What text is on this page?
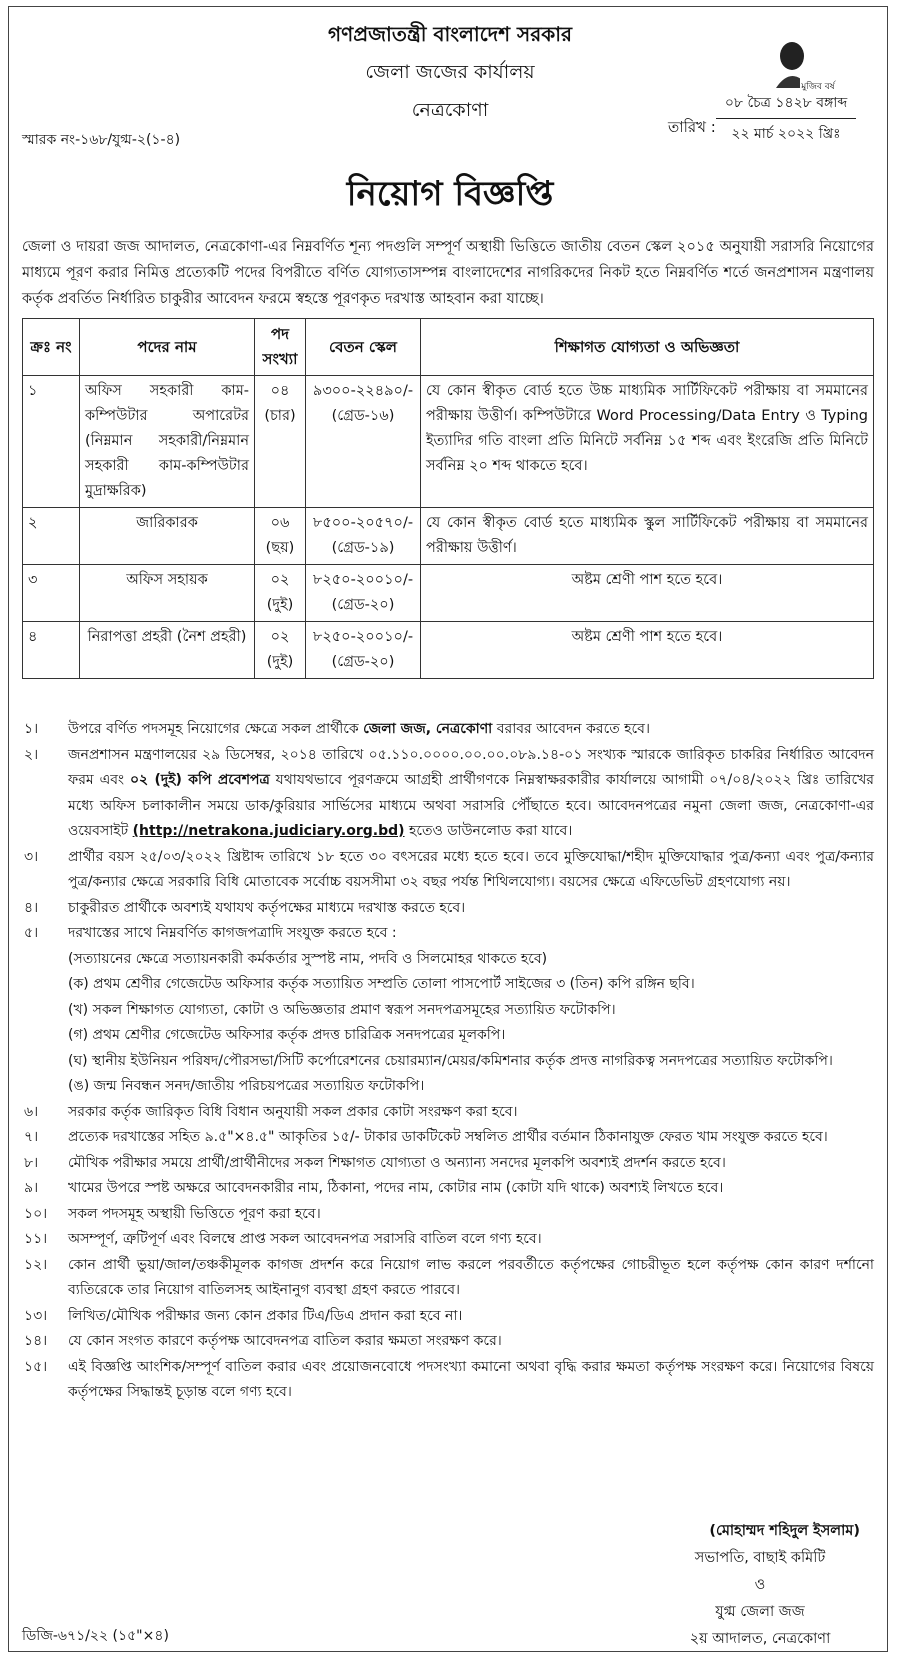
গণপ্রজাতন্ত্রী বাংলাদেশ সরকার
জেলা জজের কার্যালয়
নেত্রকোণা
মুজিব বর্ষ
স্মারক নং-১৬৮/যুগ্ম-২(১-৪)
০৮ চৈত্র ১৪২৮ বঙ্গাব্দ
২২ মার্চ ২০২২ খ্রিঃ
তারিখ :
নিয়োগ বিজ্ঞপ্তি
জেলা ও দায়রা জজ আদালত, নেত্রকোণা-এর নিম্নবর্ণিত শূন্য পদগুলি সম্পূর্ণ অস্থায়ী ভিত্তিতে জাতীয় বেতন স্কেল ২০১৫ অনুযায়ী সরাসরি নিয়োগের মাধ্যমে পূরণ করার নিমিত্ত প্রত্যেকটি পদের বিপরীতে বর্ণিত যোগ্যতাসম্পন্ন বাংলাদেশের নাগরিকদের নিকট হতে নিম্নবর্ণিত শর্তে জনপ্রশাসন মন্ত্রণালয় কর্তৃক প্রবর্তিত নির্ধারিত চাকুরীর আবেদন ফরমে স্বহস্তে পূরণকৃত দরখাস্ত আহবান করা যাচ্ছে।
ক্রঃ নং	পদের নাম	পদ সংখ্যা	বেতন স্কেল	শিক্ষাগত যোগ্যতা ও অভিজ্ঞতা
১	অফিস সহকারী কাম-কম্পিউটার অপারেটর (নিম্নমান সহকারী/নিম্নমান সহকারী কাম-কম্পিউটার মুদ্রাক্ষরিক)	০৪ (চার)	৯৩০০-২২৪৯০/- (গ্রেড-১৬)	যে কোন স্বীকৃত বোর্ড হতে উচ্চ মাধ্যমিক সার্টিফিকেট পরীক্ষায় বা সমমানের পরীক্ষায় উত্তীর্ণ। কম্পিউটারে Word Processing/Data Entry ও Typing ইত্যাদির গতি বাংলা প্রতি মিনিটে সর্বনিম্ন ১৫ শব্দ এবং ইংরেজি প্রতি মিনিটে সর্বনিম্ন ২০ শব্দ থাকতে হবে।
২	জারিকারক	০৬ (ছয়)	৮৫০০-২০৫৭০/- (গ্রেড-১৯)	যে কোন স্বীকৃত বোর্ড হতে মাধ্যমিক স্কুল সার্টিফিকেট পরীক্ষায় বা সমমানের পরীক্ষায় উত্তীর্ণ।
৩	অফিস সহায়ক	০২ (দুই)	৮২৫০-২০০১০/- (গ্রেড-২০)	অষ্টম শ্রেণী পাশ হতে হবে।
৪	নিরাপত্তা প্রহরী (নৈশ প্রহরী)	০২ (দুই)	৮২৫০-২০০১০/- (গ্রেড-২০)	অষ্টম শ্রেণী পাশ হতে হবে।
১।	উপরে বর্ণিত পদসমূহ নিয়োগের ক্ষেত্রে সকল প্রার্থীকে জেলা জজ, নেত্রকোণা বরাবর আবেদন করতে হবে।
২।	জনপ্রশাসন মন্ত্রণালয়ের ২৯ ডিসেম্বর, ২০১৪ তারিখে ০৫.১১০.০০০০.০০.০০.০৮৯.১৪-০১ সংখ্যক স্মারকে জারিকৃত চাকরির নির্ধারিত আবেদন ফরম এবং ০২ (দুই) কপি প্রবেশপত্র যথাযথভাবে পূরণক্রমে আগ্রহী প্রার্থীগণকে নিম্নস্বাক্ষরকারীর কার্যালয়ে আগামী ০৭/০৪/২০২২ খ্রিঃ তারিখের মধ্যে অফিস চলাকালীন সময়ে ডাক/কুরিয়ার সার্ভিসের মাধ্যমে অথবা সরাসরি পৌঁছাতে হবে। আবেদনপত্রের নমুনা জেলা জজ, নেত্রকোণা-এর ওয়েবসাইট (http://netrakona.judiciary.org.bd) হতেও ডাউনলোড করা যাবে।
৩।	প্রার্থীর বয়স ২৫/০৩/২০২২ খ্রিষ্টাব্দ তারিখে ১৮ হতে ৩০ বৎসরের মধ্যে হতে হবে। তবে মুক্তিযোদ্ধা/শহীদ মুক্তিযোদ্ধার পুত্র/কন্যা এবং পুত্র/কন্যার পুত্র/কন্যার ক্ষেত্রে সরকারি বিধি মোতাবেক সর্বোচ্চ বয়সসীমা ৩২ বছর পর্যন্ত শিথিলযোগ্য। বয়সের ক্ষেত্রে এফিডেভিট গ্রহণযোগ্য নয়।
৪।	চাকুরীরত প্রার্থীকে অবশ্যই যথাযথ কর্তৃপক্ষের মাধ্যমে দরখাস্ত করতে হবে।
৫।	দরখাস্তের সাথে নিম্নবর্ণিত কাগজপত্রাদি সংযুক্ত করতে হবে :
(সত্যায়নের ক্ষেত্রে সত্যায়নকারী কর্মকর্তার সুস্পষ্ট নাম, পদবি ও সিলমোহর থাকতে হবে)
(ক) প্রথম শ্রেণীর গেজেটেড অফিসার কর্তৃক সত্যায়িত সম্প্রতি তোলা পাসপোর্ট সাইজের ৩ (তিন) কপি রঙ্গিন ছবি।
(খ) সকল শিক্ষাগত যোগ্যতা, কোটা ও অভিজ্ঞতার প্রমাণ স্বরূপ সনদপত্রসমূহের সত্যায়িত ফটোকপি।
(গ) প্রথম শ্রেণীর গেজেটেড অফিসার কর্তৃক প্রদত্ত চারিত্রিক সনদপত্রের মূলকপি।
(ঘ) স্থানীয় ইউনিয়ন পরিষদ/পৌরসভা/সিটি কর্পোরেশনের চেয়ারম্যান/মেয়র/কমিশনার কর্তৃক প্রদত্ত নাগরিকত্ব সনদপত্রের সত্যায়িত ফটোকপি।
(ঙ) জন্ম নিবন্ধন সনদ/জাতীয় পরিচয়পত্রের সত্যায়িত ফটোকপি।
৬।	সরকার কর্তৃক জারিকৃত বিধি বিধান অনুযায়ী সকল প্রকার কোটা সংরক্ষণ করা হবে।
৭।	প্রত্যেক দরখাস্তের সহিত ৯.৫"×৪.৫" আকৃতির ১৫/- টাকার ডাকটিকেট সম্বলিত প্রার্থীর বর্তমান ঠিকানাযুক্ত ফেরত খাম সংযুক্ত করতে হবে।
৮।	মৌখিক পরীক্ষার সময়ে প্রার্থী/প্রার্থীনীদের সকল শিক্ষাগত যোগ্যতা ও অন্যান্য সনদের মূলকপি অবশ্যই প্রদর্শন করতে হবে।
৯।	খামের উপরে স্পষ্ট অক্ষরে আবেদনকারীর নাম, ঠিকানা, পদের নাম, কোটার নাম (কোটা যদি থাকে) অবশ্যই লিখতে হবে।
১০।	সকল পদসমূহ অস্থায়ী ভিত্তিতে পূরণ করা হবে।
১১।	অসম্পূর্ণ, ত্রুটিপূর্ণ এবং বিলম্বে প্রাপ্ত সকল আবেদনপত্র সরাসরি বাতিল বলে গণ্য হবে।
১২।	কোন প্রার্থী ভুয়া/জাল/তঞ্চকীমূলক কাগজ প্রদর্শন করে নিয়োগ লাভ করলে পরবর্তীতে কর্তৃপক্ষের গোচরীভূত হলে কর্তৃপক্ষ কোন কারণ দর্শানো ব্যতিরেকে তার নিয়োগ বাতিলসহ আইনানুগ ব্যবস্থা গ্রহণ করতে পারবে।
১৩।	লিখিত/মৌখিক পরীক্ষার জন্য কোন প্রকার টিএ/ডিএ প্রদান করা হবে না।
১৪।	যে কোন সংগত কারণে কর্তৃপক্ষ আবেদনপত্র বাতিল করার ক্ষমতা সংরক্ষণ করে।
১৫।	এই বিজ্ঞপ্তি আংশিক/সম্পূর্ণ বাতিল করার এবং প্রয়োজনবোধে পদসংখ্যা কমানো অথবা বৃদ্ধি করার ক্ষমতা কর্তৃপক্ষ সংরক্ষণ করে। নিয়োগের বিষয়ে কর্তৃপক্ষের সিদ্ধান্তই চূড়ান্ত বলে গণ্য হবে।
(মোহাম্মদ শহিদুল ইসলাম)
সভাপতি, বাছাই কমিটি
ও
যুগ্ম জেলা জজ
২য় আদালত, নেত্রকোণা
ডিজি-৬৭১/২২ (১৫"×৪)
